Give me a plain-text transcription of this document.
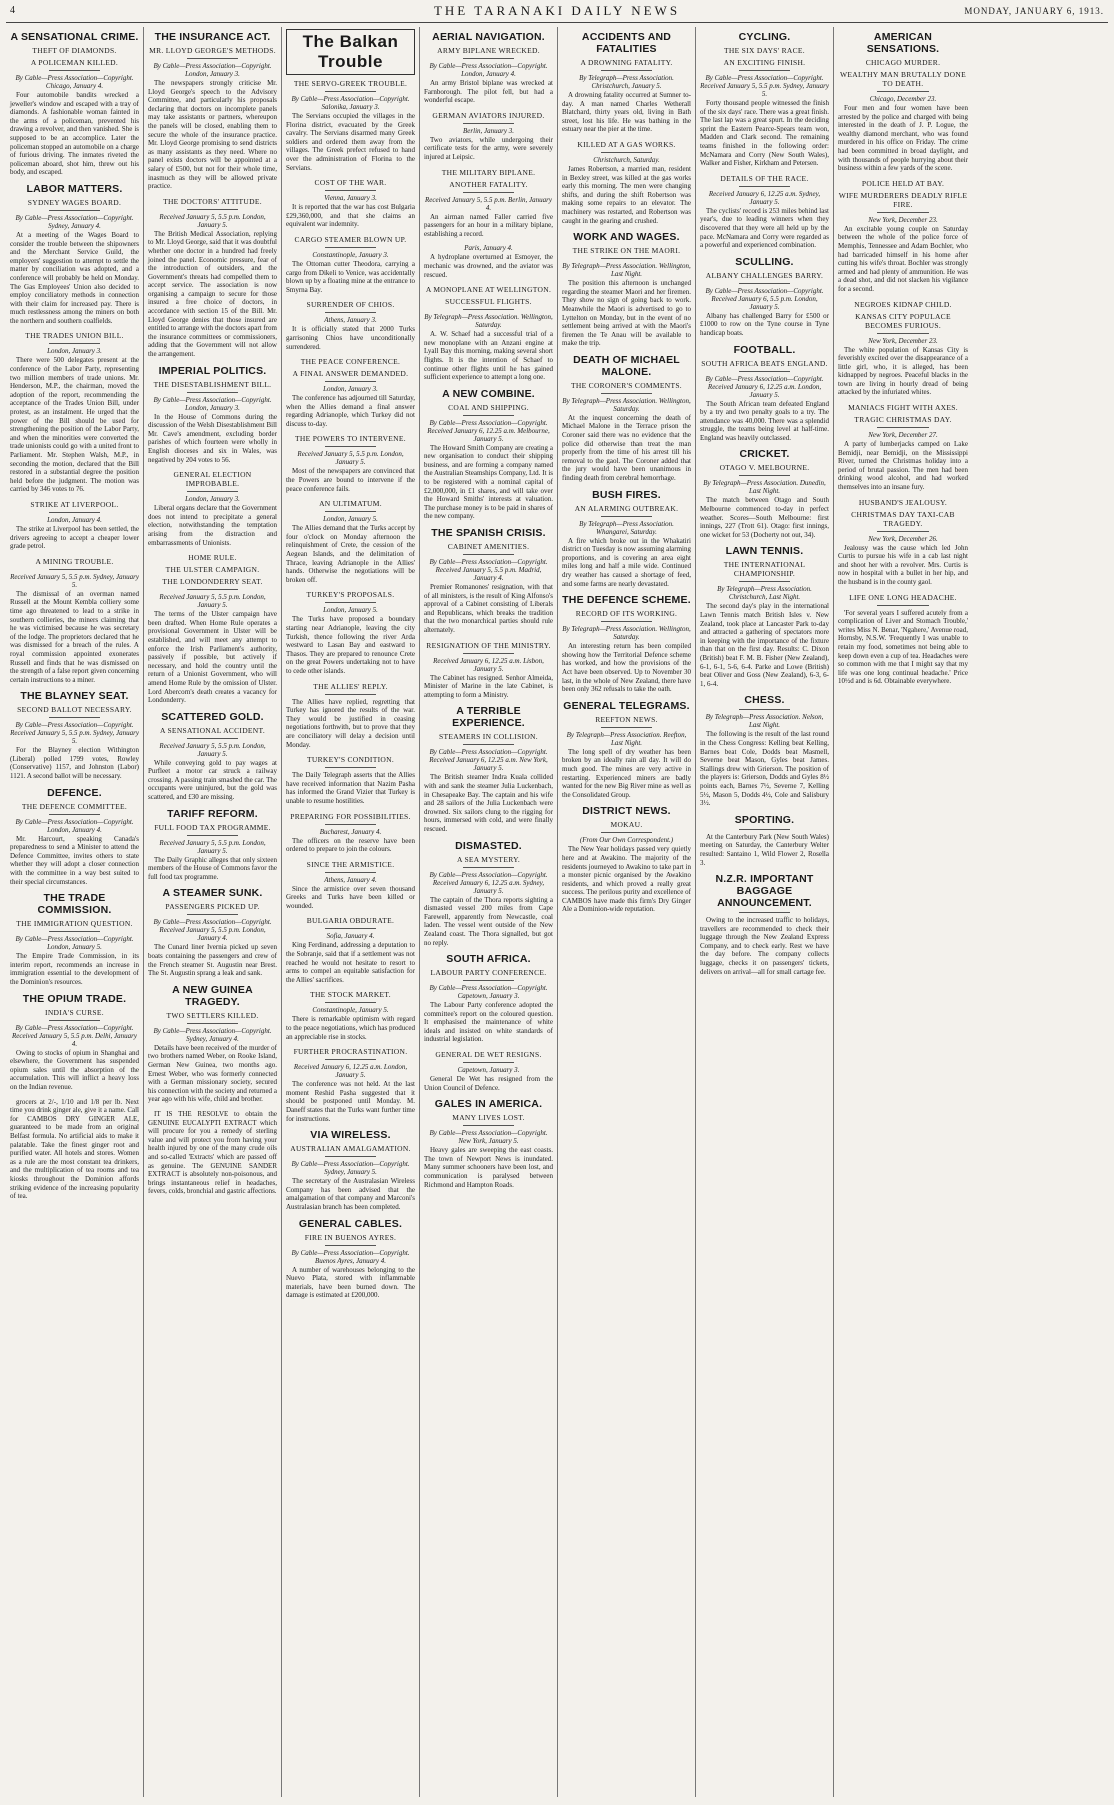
4	THE TARANAKI DAILY NEWS	MONDAY, JANUARY 6, 1913.
A SENSATIONAL CRIME.
THEFT OF DIAMONDS.
A POLICEMAN KILLED.
By Cable—Press Association—Copyright. Chicago, January 4.

Four automobile bandits wrecked a jeweller's window and escaped with a tray of diamonds. A fashionable woman fainted in the arms of a policeman, prevented his drawing a revolver, and then vanished. She is supposed to be an accomplice. Later the policeman stopped an automobile on a charge of furious driving. The inmates riveted the policeman aboard, shot him, threw out his body, and escaped.

LABOR MATTERS.
SYDNEY WAGES BOARD.
By Cable—Press Association—Copyright. Sydney, January 4.

At a meeting of the Wages Board to consider the trouble between the shipowners and the Merchant Service Guild, the employers' suggestion to attempt to settle the matter by conciliation was adopted, and a conference will probably be held on Monday. The Gas Employees' Union also decided to employ conciliatory methods in connection with their claim for increased pay. There is much restlessness among the miners on both the northern and southern coalfields.

THE TRADES UNION BILL.
London, January 3.

There were 500 delegates present at the conference of the Labor Party, representing two million members of trade unions. Mr. Henderson, M.P., the chairman, moved the adoption of the report, recommending the acceptance of the Trades Union Bill, under protest, as an instalment. He urged that the power of the Bill should be used for strengthening the position of the Labor Party, and when the minorities were converted the trade unionists could go with a united front to Parliament. Mr. Stephen Walsh, M.P., in seconding the motion, declared that the Bill restored in a substantial degree the position held before the judgment. The motion was carried by 346 votes to 76.

STRIKE AT LIVERPOOL.
London, January 4.

The strike at Liverpool has been settled, the drivers agreeing to accept a cheaper lower grade petrol.

A MINING TROUBLE.
Received January 5, 5.5 p.m. Sydney, January 5.

The dismissal of an overman named Russell at the Mount Kembla colliery some time ago threatened to lead to a strike in southern collieries, the miners claiming that he was victimised because he was secretary of the lodge. The proprietors declared that he was dismissed for a breach of the rules. A royal commission appointed exonerates Russell and finds that he was dismissed on the strength of a false report given concerning certain instructions to a miner.

THE BLAYNEY SEAT.
SECOND BALLOT NECESSARY.
By Cable—Press Association—Copyright. Received January 5, 5.5 p.m. Sydney, January 5.

For the Blayney election Withington (Liberal) polled 1799 votes, Rowley (Conservative) 1157, and Johnston (Labor) 1121. A second ballot will be necessary.

DEFENCE.
THE DEFENCE COMMITTEE.
By Cable—Press Association—Copyright. London, January 4.

Mr. Harcourt, speaking Canada's preparedness to send a Minister to attend the Defence Committee, invites others to state whether they will adopt a closer connection with the committee in a way best suited to their special circumstances.

THE TRADE COMMISSION.
THE IMMIGRATION QUESTION.
By Cable—Press Association—Copyright. London, January 5.

The Empire Trade Commission, in its interim report, recommends an increase in immigration essential to the development of the Dominion's resources.

THE OPIUM TRADE.
INDIA'S CURSE.
By Cable—Press Association—Copyright. Received January 5, 5.5 p.m. Delhi, January 4.

Owing to stocks of opium in Shanghai and elsewhere, the Government has suspended opium sales until the absorption of the accumulation. This will inflict a heavy loss on the Indian revenue.

grocers at 2/-, 1/10 and 1/8 per lb. Next time you drink ginger ale, give it a name. Call for CAMBOS DRY GINGER ALE, guaranteed to be made from an original Belfast formula. No artificial aids to make it palatable. Take the finest ginger root and purified water. All hotels and stores. Women as a rule are the most constant tea drinkers, and the multiplication of tea rooms and tea kiosks throughout the Dominion affords striking evidence of the increasing popularity of tea.

THE INSURANCE ACT.
MR. LLOYD GEORGE'S METHODS.
By Cable—Press Association—Copyright. London, January 3.

The newspapers strongly criticise Mr. Lloyd George's speech to the Advisory Committee, and particularly his proposals declaring that doctors on incomplete panels may take assistants or partners, whereupon the panels will be closed, enabling them to secure the whole of the insurance practice. Mr. Lloyd George promising to send districts as many assistants as they need. Where no panel exists doctors will be appointed at a salary of £500, but not for their whole time, inasmuch as they will be allowed private practice.

THE DOCTORS' ATTITUDE.
Received January 5, 5.5 p.m. London, January 5.

The British Medical Association, replying to Mr. Lloyd George, said that it was doubtful whether one doctor in a hundred had freely joined the panel. Economic pressure, fear of the introduction of outsiders, and the Government's threats had compelled them to accept service. The association is now organising a campaign to secure for those insured a free choice of doctors, in accordance with section 15 of the Bill. Mr. Lloyd George denies that those insured are entitled to arrange with the doctors apart from the insurance committees or commissioners, adding that the Government will not allow the arrangement.

IMPERIAL POLITICS.
THE DISESTABLISHMENT BILL.
By Cable—Press Association—Copyright. London, January 3.

In the House of Commons during the discussion of the Welsh Disestablishment Bill Mr. Cave's amendment, excluding border parishes of which fourteen were wholly in English dioceses and six in Wales, was negatived by 204 votes to 56.

GENERAL ELECTION IMPROBABLE.
London, January 3.

Liberal organs declare that the Government does not intend to precipitate a general election, notwithstanding the temptation arising from the distraction and embarrassments of Unionists.

HOME RULE.
THE ULSTER CAMPAIGN.
THE LONDONDERRY SEAT.
Received January 5, 5.5 p.m. London, January 5.

The terms of the Ulster campaign have been drafted. When Home Rule operates a provisional Government in Ulster will be established, and will meet any attempt to enforce the Irish Parliament's authority, passively if possible, but actively if necessary, and hold the country until the return of a Unionist Government, who will amend Home Rule by the omission of Ulster. Lord Abercorn's death creates a vacancy for Londonderry.

SCATTERED GOLD.
A SENSATIONAL ACCIDENT.
Received January 5, 5.5 p.m. London, January 5.

While conveying gold to pay wages at Purfleet a motor car struck a railway crossing. A passing train smashed the car. The occupants were uninjured, but the gold was scattered, and £30 are missing.

TARIFF REFORM.
FULL FOOD TAX PROGRAMME.
Received January 5, 5.5 p.m. London, January 5.

The Daily Graphic alleges that only sixteen members of the House of Commons favor the full food tax programme.

A STEAMER SUNK.
PASSENGERS PICKED UP.
By Cable—Press Association—Copyright. Received January 5, 5.5 p.m. London, January 4.

The Cunard liner Ivernia picked up seven boats containing the passengers and crew of the French steamer St. Augustin near Brest. The St. Augustin sprang a leak and sank.

A NEW GUINEA TRAGEDY.
TWO SETTLERS KILLED.
By Cable—Press Association—Copyright. Sydney, January 4.

Details have been received of the murder of two brothers named Weber, on Rooke Island, German New Guinea, two months ago. Ernest Weber, who was formerly connected with a German missionary society, secured his connection with the society and returned a year ago with his wife, child and brother.

IT IS THE RESOLVE to obtain the GENUINE EUCALYPTI EXTRACT which will procure for you a remedy of sterling value and will protect you from having your health injured by one of the many crude oils and so-called 'Extracts' which are passed off as genuine. The GENUINE SANDER EXTRACT is absolutely non-poisonous, and brings instantaneous relief in headaches, fevers, colds, bronchial and gastric affections.

The Balkan Trouble
THE SERVO-GREEK TROUBLE.
By Cable—Press Association—Copyright. Salonika, January 3.

The Servians occupied the villages in the Florina district, evacuated by the Greek cavalry. The Servians disarmed many Greek soldiers and ordered them away from the villages. The Greek prefect refused to hand over the administration of Florina to the Servians.

COST OF THE WAR.
Vienna, January 3.

It is reported that the war has cost Bulgaria £29,360,000, and that she claims an equivalent war indemnity.

CARGO STEAMER BLOWN UP.
Constantinople, January 3.

The Ottoman cutter Theodora, carrying a cargo from Dikeli to Venice, was accidentally blown up by a floating mine at the entrance to Smyrna Bay.

SURRENDER OF CHIOS.
Athens, January 3.

It is officially stated that 2000 Turks garrisoning Chios have unconditionally surrendered.

THE PEACE CONFERENCE.
A FINAL ANSWER DEMANDED.
London, January 3.

The conference has adjourned till Saturday, when the Allies demand a final answer regarding Adrianople, which Turkey did not discuss to-day.

THE POWERS TO INTERVENE.
Received January 5, 5.5 p.m. London, January 5.

Most of the newspapers are convinced that the Powers are bound to intervene if the peace conference fails.

AN ULTIMATUM.
London, January 5.

The Allies demand that the Turks accept by four o'clock on Monday afternoon the relinquishment of Crete, the cession of the Aegean Islands, and the delimitation of Thrace, leaving Adrianople in the Allies' hands. Otherwise the negotiations will be broken off.

TURKEY'S PROPOSALS.
London, January 5.

The Turks have proposed a boundary starting near Adrianople, leaving the city Turkish, thence following the river Arda westward to Lasan Bay and eastward to Thasos. They are prepared to renounce Crete on the great Powers undertaking not to have to cede other islands.

THE ALLIES' REPLY.

The Allies have replied, regretting that Turkey has ignored the results of the war. They would be justified in ceasing negotiations forthwith, but to prove that they are conciliatory will delay a decision until Monday.

TURKEY'S CONDITION.

The Daily Telegraph asserts that the Allies have received information that Nazim Pasha has informed the Grand Vizier that Turkey is unable to resume hostilities.

PREPARING FOR POSSIBILITIES.
Bucharest, January 4.

The officers on the reserve have been ordered to prepare to join the colours.

SINCE THE ARMISTICE.
Athens, January 4.

Since the armistice over seven thousand Greeks and Turks have been killed or wounded.

BULGARIA OBDURATE.
Sofia, January 4.

King Ferdinand, addressing a deputation to the Sobranje, said that if a settlement was not reached he would not hesitate to resort to arms to compel an equitable satisfaction for the Allies' sacrifices.

THE STOCK MARKET.
Constantinople, January 5.

There is remarkable optimism with regard to the peace negotiations, which has produced an appreciable rise in stocks.

FURTHER PROCRASTINATION.
Received January 6, 12.25 a.m. London, January 5.

The conference was not held. At the last moment Reshid Pasha suggested that it should be postponed until Monday. M. Daneff states that the Turks want further time for instructions.

VIA WIRELESS.
AUSTRALIAN AMALGAMATION.
By Cable—Press Association—Copyright. Sydney, January 5.

The secretary of the Australasian Wireless Company has been advised that the amalgamation of that company and Marconi's Australasian branch has been completed.

GENERAL CABLES.
FIRE IN BUENOS AYRES.
By Cable—Press Association—Copyright. Buenos Ayres, January 4.

A number of warehouses belonging to the Nuevo Plata, stored with inflammable materials, have been burned down. The damage is estimated at £200,000.

AERIAL NAVIGATION.
ARMY BIPLANE WRECKED.
By Cable—Press Association—Copyright. London, January 4.

An army Bristol biplane was wrecked at Farnborough. The pilot fell, but had a wonderful escape.

GERMAN AVIATORS INJURED.
Berlin, January 3.

Two aviators, while undergoing their certificate tests for the army, were severely injured at Leipsic.

THE MILITARY BIPLANE.
ANOTHER FATALITY.
Received January 5, 5.5 p.m. Berlin, January 4.

An airman named Faller carried five passengers for an hour in a military biplane, establishing a record.

Paris, January 4.

A hydroplane overturned at Esmoyer, the mechanic was drowned, and the aviator was rescued.

A MONOPLANE AT WELLINGTON.
SUCCESSFUL FLIGHTS.
By Telegraph—Press Association. Wellington, Saturday.

A. W. Schaef had a successful trial of a new monoplane with an Anzani engine at Lyall Bay this morning, making several short flights. It is the intention of Schaef to continue other flights until he has gained sufficient experience to attempt a long one.

A NEW COMBINE.
COAL AND SHIPPING.
By Cable—Press Association—Copyright. Received January 6, 12.25 a.m. Melbourne, January 5.

The Howard Smith Company are creating a new organisation to conduct their shipping business, and are forming a company named the Australian Steamships Company, Ltd. It is to be registered with a nominal capital of £2,000,000, in £1 shares, and will take over the Howard Smiths' interests at valuation. The purchase money is to be paid in shares of the new company.

THE SPANISH CRISIS.
CABINET AMENITIES.
By Cable—Press Association—Copyright. Received January 5, 5.5 p.m. Madrid, January 4.

Premier Romanones' resignation, with that of all ministers, is the result of King Alfonso's approval of a Cabinet consisting of Liberals and Republicans, which breaks the tradition that the two monarchical parties should rule alternately.

RESIGNATION OF THE MINISTRY.
Received January 6, 12.25 a.m. Lisbon, January 5.

The Cabinet has resigned. Senhor Almeida, Minister of Marine in the late Cabinet, is attempting to form a Ministry.

A TERRIBLE EXPERIENCE.
STEAMERS IN COLLISION.
By Cable—Press Association—Copyright. Received January 6, 12.25 a.m. New York, January 5.

The British steamer Indra Kuala collided with and sank the steamer Julia Luckenbach, in Chesapeake Bay. The captain and his wife and 28 sailors of the Julia Luckenbach were drowned. Six sailors clung to the rigging for hours, immersed with cold, and were finally rescued.

DISMASTED.
A SEA MYSTERY.
By Cable—Press Association—Copyright. Received January 6, 12.25 a.m. Sydney, January 5.

The captain of the Thora reports sighting a dismasted vessel 200 miles from Cape Farewell, apparently from Newcastle, coal laden. The vessel went outside of the New Zealand coast. The Thora signalled, but got no reply.

SOUTH AFRICA.
LABOUR PARTY CONFERENCE.
By Cable—Press Association—Copyright. Capetown, January 3.

The Labour Party conference adopted the committee's report on the coloured question. It emphasised the maintenance of white ideals and insisted on white standards of industrial legislation.

GENERAL DE WET RESIGNS.
Capetown, January 3.

General De Wet has resigned from the Union Council of Defence.

GALES IN AMERICA.
MANY LIVES LOST.
By Cable—Press Association—Copyright. New York, January 5.

Heavy gales are sweeping the east coasts. The town of Newport News is inundated. Many summer schooners have been lost, and communication is paralysed between Richmond and Hampton Roads.

ACCIDENTS AND FATALITIES
A DROWNING FATALITY.
By Telegraph—Press Association. Christchurch, January 5.

A drowning fatality occurred at Sumner to-day. A man named Charles Wetherall Blatchard, thirty years old, living in Bath street, lost his life. He was bathing in the estuary near the pier at the time.

KILLED AT A GAS WORKS.
Christchurch, Saturday.

James Robertson, a married man, resident in Bexley street, was killed at the gas works early this morning. The men were changing shifts, and during the shift Robertson was making some repairs to an elevator. The machinery was restarted, and Robertson was caught in the gearing and crushed.

WORK AND WAGES.
THE STRIKE ON THE MAORI.
By Telegraph—Press Association. Wellington, Last Night.

The position this afternoon is unchanged regarding the steamer Maori and her firemen. They show no sign of going back to work. Meanwhile the Maori is advertised to go to Lyttelton on Monday, but in the event of no settlement being arrived at with the Maori's firemen the Te Anau will be available to make the trip.

DEATH OF MICHAEL MALONE.
THE CORONER'S COMMENTS.
By Telegraph—Press Association. Wellington, Saturday.

At the inquest concerning the death of Michael Malone in the Terrace prison the Coroner said there was no evidence that the police did otherwise than treat the man properly from the time of his arrest till his removal to the gaol. The Coroner added that the jury would have been unanimous in finding death from cerebral hemorrhage.

BUSH FIRES.
AN ALARMING OUTBREAK.
By Telegraph—Press Association. Whangarei, Saturday.

A fire which broke out in the Whakatiri district on Tuesday is now assuming alarming proportions, and is covering an area eight miles long and half a mile wide. Continued dry weather has caused a shortage of feed, and some farms are nearly devastated.

THE DEFENCE SCHEME.
RECORD OF ITS WORKING.
By Telegraph—Press Association. Wellington, Saturday.

An interesting return has been compiled showing how the Territorial Defence scheme has worked, and how the provisions of the Act have been observed. Up to November 30 last, in the whole of New Zealand, there have been only 362 refusals to take the oath.

GENERAL TELEGRAMS.
REEFTON NEWS.
By Telegraph—Press Association. Reefton, Last Night.

The long spell of dry weather has been broken by an ideally rain all day. It will do much good. The mines are very active in restarting. Experienced miners are badly wanted for the new Big River mine as well as the Consolidated Group.

DISTRICT NEWS.
MOKAU.
(From Our Own Correspondent.)

The New Year holidays passed very quietly here and at Awakino. The majority of the residents journeyed to Awakino to take part in a monster picnic organised by the Awakino residents, and which proved a really great success. The perilous purity and excellence of CAMBOS have made this firm's Dry Ginger Ale a Dominion-wide reputation.

CYCLING.
THE SIX DAYS' RACE.
AN EXCITING FINISH.
By Cable—Press Association—Copyright. Received January 5, 5.5 p.m. Sydney, January 5.

Forty thousand people witnessed the finish of the six days' race. There was a great finish. The last lap was a great spurt. In the deciding sprint the Eastern Pearce-Spears team won, Madden and Clark second. The remaining teams finished in the following order: McNamara and Corry (New South Wales), Walker and Fisher, Kirkham and Petersen.

DETAILS OF THE RACE.
Received January 6, 12.25 a.m. Sydney, January 5.

The cyclists' record is 253 miles behind last year's, due to leading winners when they discovered that they were all held up by the pace. McNamara and Corry were regarded as a powerful and experienced combination.

SCULLING.
ALBANY CHALLENGES BARRY.
By Cable—Press Association—Copyright. Received January 6, 5.5 p.m. London, January 5.

Albany has challenged Barry for £500 or £1000 to row on the Tyne course in Tyne handicap boats.

FOOTBALL.
SOUTH AFRICA BEATS ENGLAND.
By Cable—Press Association—Copyright. Received January 6, 12.25 a.m. London, January 5.

The South African team defeated England by a try and two penalty goals to a try. The attendance was 40,000. There was a splendid struggle, the teams being level at half-time. England was heavily outclassed.

CRICKET.
OTAGO V. MELBOURNE.
By Telegraph—Press Association. Dunedin, Last Night.

The match between Otago and South Melbourne commenced to-day in perfect weather. Scores—South Melbourne: first innings, 227 (Trott 61). Otago: first innings, one wicket for 53 (Docherty not out, 34).

LAWN TENNIS.
THE INTERNATIONAL CHAMPIONSHIP.
By Telegraph—Press Association. Christchurch, Last Night.

The second day's play in the international Lawn Tennis match British Isles v. New Zealand, took place at Lancaster Park to-day and attracted a gathering of spectators more in keeping with the importance of the fixture than that on the first day. Results: C. Dixon (British) beat F. M. B. Fisher (New Zealand), 6-1, 6-1, 5-6, 6-4. Parke and Lowe (British) beat Oliver and Goss (New Zealand), 6-3, 6-1, 6-4.

CHESS.
By Telegraph—Press Association. Nelson, Last Night.

The following is the result of the last round in the Chess Congress: Kelling beat Kelling, Barnes beat Cole, Dodds beat Masmell, Severne beat Mason, Gyles beat James. Stallings drew with Grierson. The position of the players is: Grierson, Dodds and Gyles 8½ points each, Barnes 7½, Severne 7, Kelling 5½, Mason 5, Dodds 4½, Cole and Salisbury 3½.

SPORTING.

At the Canterbury Park (New South Wales) meeting on Saturday, the Canterbury Welter resulted: Santaino 1, Wild Flower 2, Rosella 3.

N.Z.R. IMPORTANT BAGGAGE ANNOUNCEMENT.

Owing to the increased traffic to holidays, travellers are recommended to check their luggage through the New Zealand Express Company, and to check early. Rest we have the day before. The company collects luggage, checks it on passengers' tickets, delivers on arrival—all for small cartage fee.

AMERICAN SENSATIONS.
CHICAGO MURDER.
WEALTHY MAN BRUTALLY DONE TO DEATH.
Chicago, December 23.

Four men and four women have been arrested by the police and charged with being interested in the death of J. P. Logue, the wealthy diamond merchant, who was found murdered in his office on Friday. The crime had been committed in broad daylight, and with thousands of people hurrying about their business within a few yards of the scene.

POLICE HELD AT BAY.
WIFE MURDERERS DEADLY RIFLE FIRE.
New York, December 23.

An excitable young couple on Saturday between the whole of the police force of Memphis, Tennessee and Adam Bochler, who had barricaded himself in his home after cutting his wife's throat. Bochler was strongly armed and had plenty of ammunition. He was a dead shot, and did not slacken his vigilance for a second.

NEGROES KIDNAP CHILD.
KANSAS CITY POPULACE BECOMES FURIOUS.
New York, December 23.

The white population of Kansas City is feverishly excited over the disappearance of a little girl, who, it is alleged, has been kidnapped by negroes. Peaceful blacks in the town are living in hourly dread of being attacked by the infuriated whites.

MANIACS FIGHT WITH AXES.
TRAGIC CHRISTMAS DAY.
New York, December 27.

A party of lumberjacks camped on Lake Bemidji, near Bemidji, on the Mississippi River, turned the Christmas holiday into a period of brutal passion. The men had been drinking wood alcohol, and had worked themselves into an insane fury.

HUSBAND'S JEALOUSY.
CHRISTMAS DAY TAXI-CAB TRAGEDY.
New York, December 26.

Jealousy was the cause which led John Curtis to pursue his wife in a cab last night and shoot her with a revolver. Mrs. Curtis is now in hospital with a bullet in her hip, and the husband is in the county gaol.

LIFE ONE LONG HEADACHE.

'For several years I suffered acutely from a complication of Liver and Stomach Trouble,' writes Miss N. Benar, 'Ngahere,' Avenue road, Hornsby, N.S.W. 'Frequently I was unable to retain my food, sometimes not being able to keep down even a cup of tea. Headaches were so common with me that I might say that my life was one long continual headache.' Price 10½d and is 6d. Obtainable everywhere.
